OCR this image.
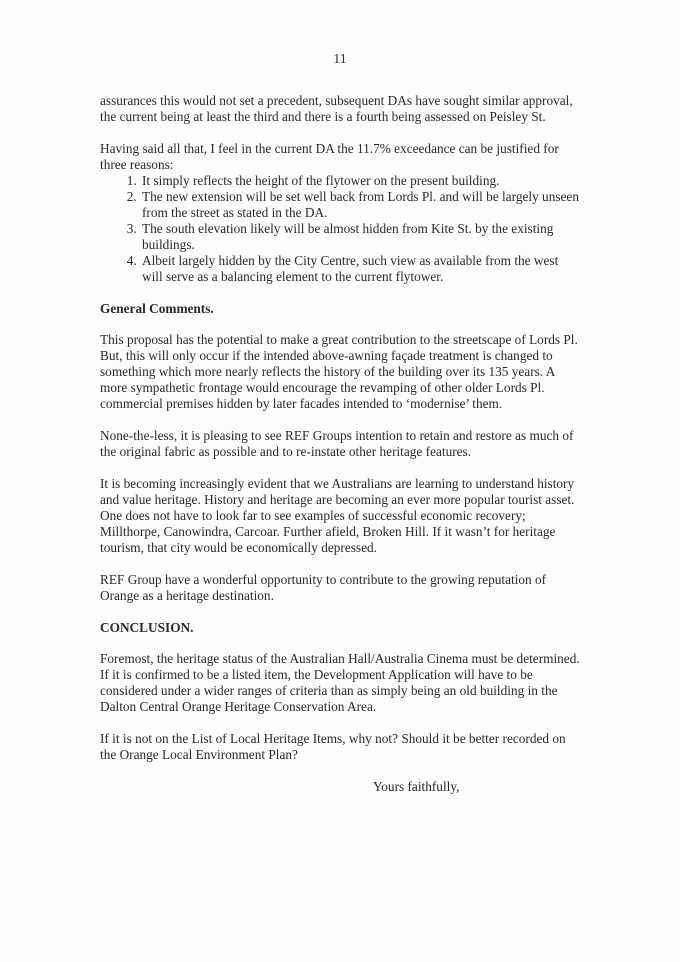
11

assurances this would not set a precedent, subsequent DAs have sought similar approval, the current being at least the third and there is a fourth being assessed on Peisley St.

Having said all that, I feel in the current DA the 11.7% exceedance can be justified for three reasons:

1. It simply reflects the height of the flytower on the present building.
2. The new extension will be set well back from Lords Pl. and will be largely unseen from the street as stated in the DA.
3. The south elevation likely will be almost hidden from Kite St. by the existing buildings.
4. Albeit largely hidden by the City Centre, such view as available from the west will serve as a balancing element to the current flytower.

General Comments.

This proposal has the potential to make a great contribution to the streetscape of Lords Pl. But, this will only occur if the intended above-awning façade treatment is changed to something which more nearly reflects the history of the building over its 135 years. A more sympathetic frontage would encourage the revamping of other older Lords Pl. commercial premises hidden by later facades intended to ‘modernise’ them.

None-the-less, it is pleasing to see REF Groups intention to retain and restore as much of the original fabric as possible and to re-instate other heritage features.

It is becoming increasingly evident that we Australians are learning to understand history and value heritage. History and heritage are becoming an ever more popular tourist asset. One does not have to look far to see examples of successful economic recovery; Millthorpe, Canowindra, Carcoar. Further afield, Broken Hill. If it wasn’t for heritage tourism, that city would be economically depressed.

REF Group have a wonderful opportunity to contribute to the growing reputation of Orange as a heritage destination.

CONCLUSION.

Foremost, the heritage status of the Australian Hall/Australia Cinema must be determined. If it is confirmed to be a listed item, the Development Application will have to be considered under a wider ranges of criteria than as simply being an old building in the Dalton Central Orange Heritage Conservation Area.

If it is not on the List of Local Heritage Items, why not? Should it be better recorded on the Orange Local Environment Plan?

Yours faithfully,
